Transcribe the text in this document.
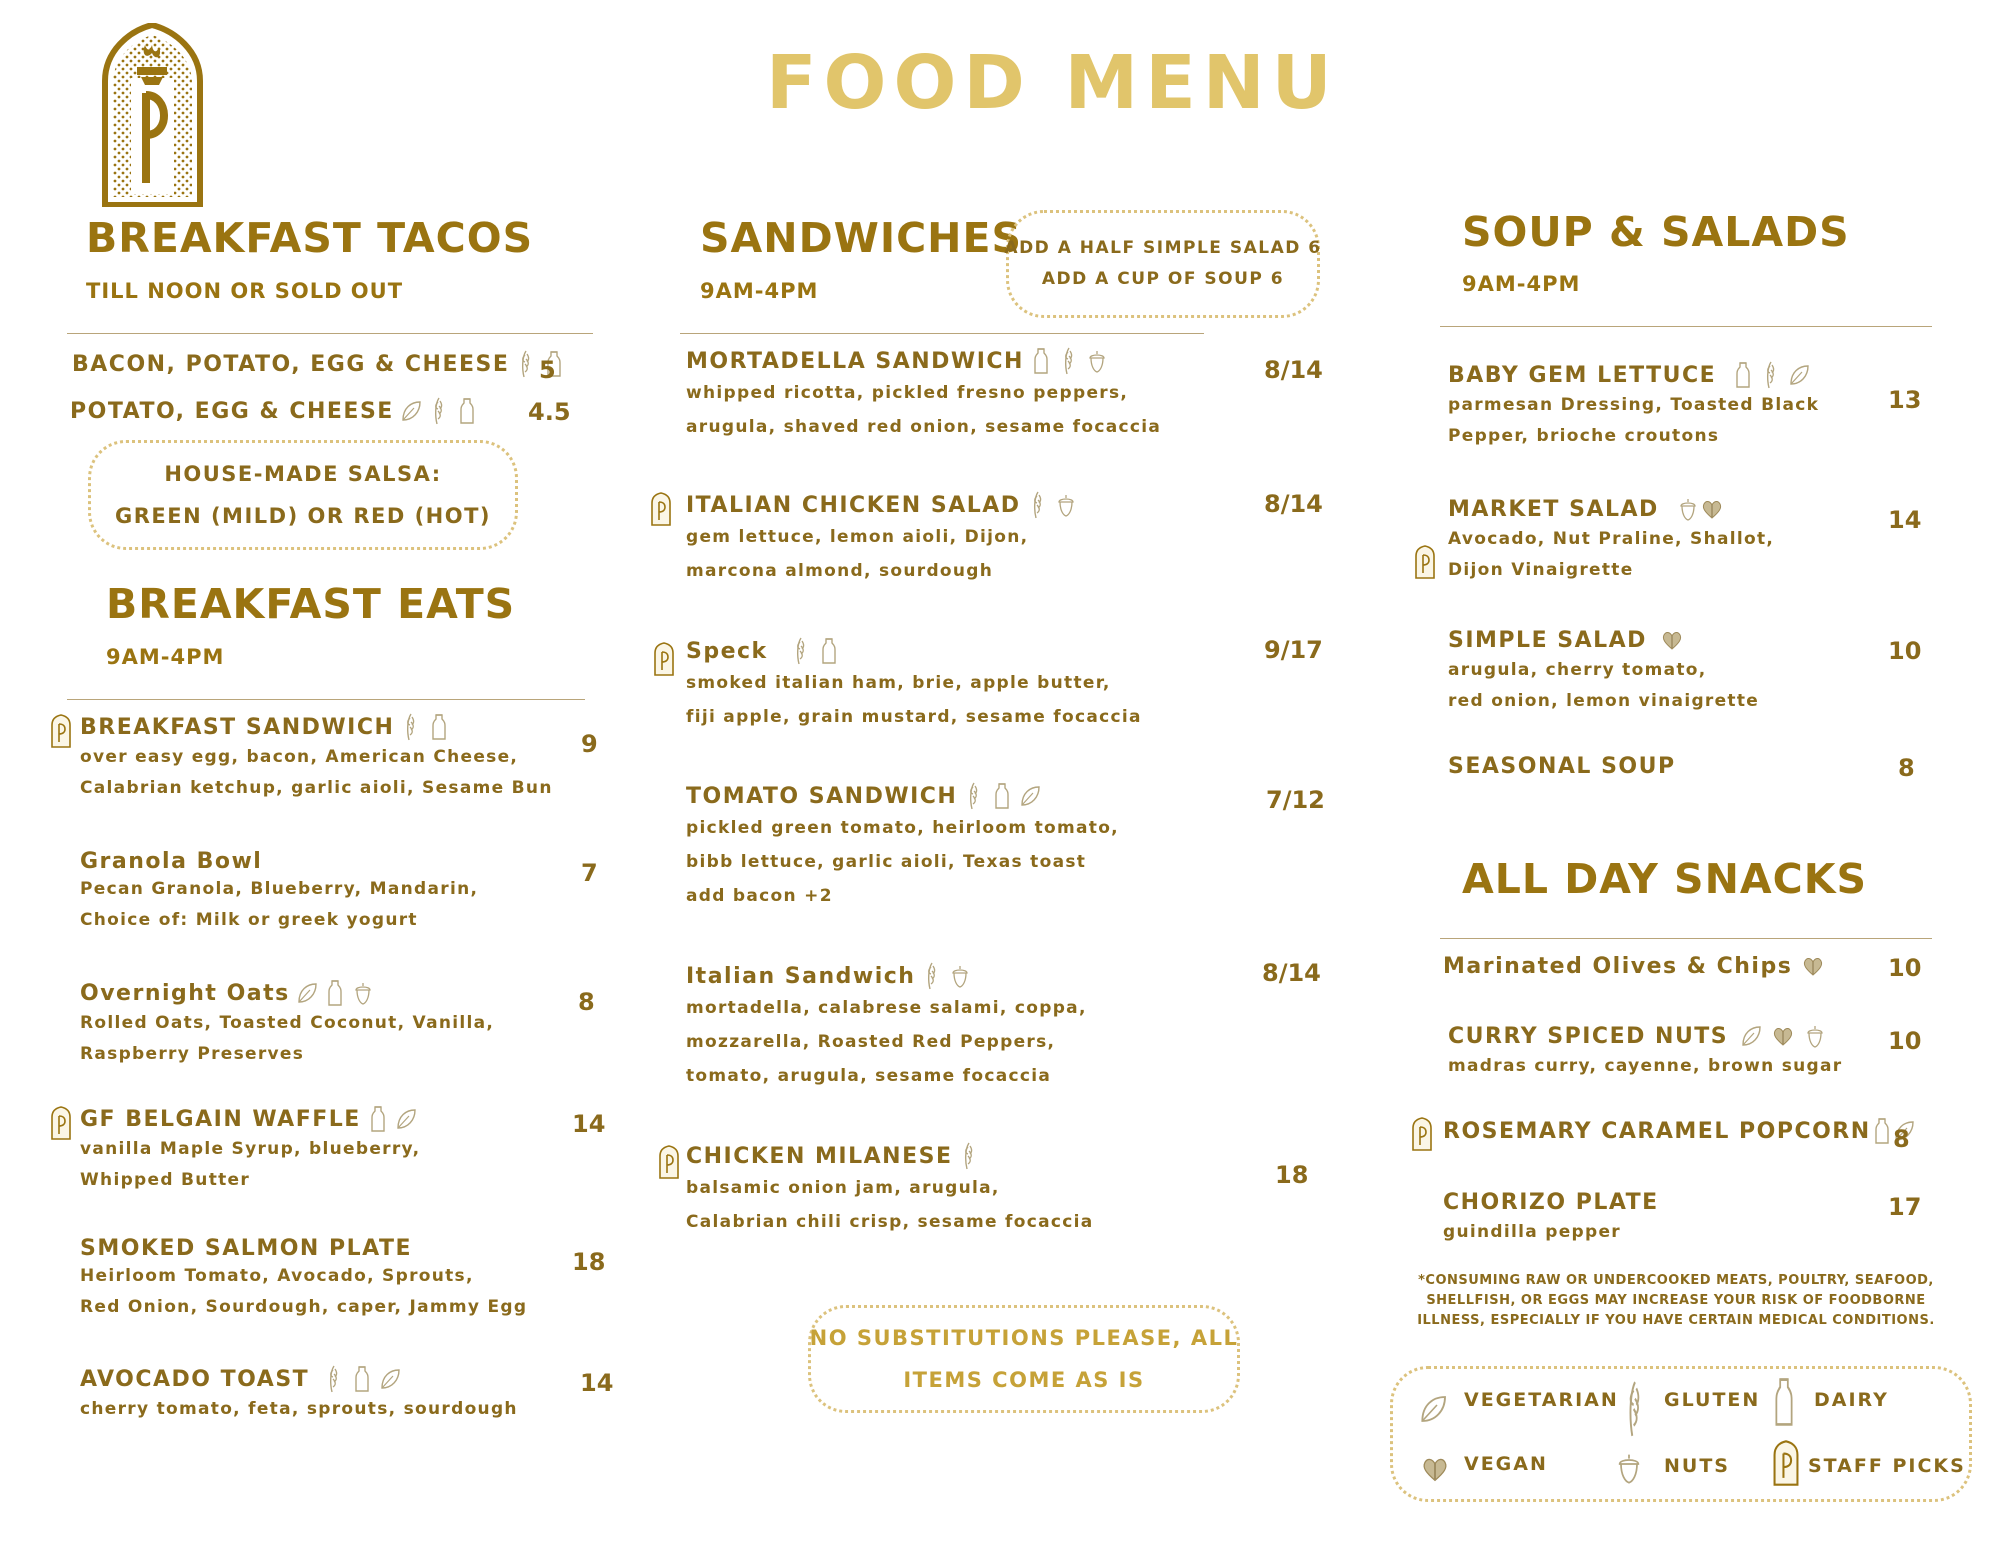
FOOD MENU
BREAKFAST TACOS
TILL NOON OR SOLD OUT
BACON, POTATO, EGG & CHEESE 5
POTATO, EGG & CHEESE	4.5
HOUSE-MADE SALSA:
GREEN (MILD) OR RED (HOT)
BREAKFAST EATS
9AM-4PM
BREAKFAST SANDWICH
over easy egg, bacon, American Cheese,
Calabrian ketchup, garlic aioli, Sesame Bun
9
Granola Bowl
Pecan Granola, Blueberry, Mandarin,
Choice of: Milk or greek yogurt
7
Overnight Oats
Rolled Oats, Toasted Coconut, Vanilla,
Raspberry Preserves
8
GF BELGAIN WAFFLE
vanilla Maple Syrup, blueberry,
Whipped Butter
14
SMOKED SALMON PLATE
Heirloom Tomato, Avocado, Sprouts,
Red Onion, Sourdough, caper, Jammy Egg
18
AVOCADO TOAST
cherry tomato, feta, sprouts, sourdough
14
SANDWICHES
9AM-4PM
ADD A HALF SIMPLE SALAD 6
ADD A CUP OF SOUP 6
MORTADELLA SANDWICH
whipped ricotta, pickled fresno peppers,
arugula, shaved red onion, sesame focaccia
8/14
ITALIAN CHICKEN SALAD
gem lettuce, lemon aioli, Dijon,
marcona almond, sourdough
8/14
Speck
smoked italian ham, brie, apple butter,
fiji apple, grain mustard, sesame focaccia
9/17
TOMATO SANDWICH
pickled green tomato, heirloom tomato,
bibb lettuce, garlic aioli, Texas toast
add bacon +2
7/12
Italian Sandwich
mortadella, calabrese salami, coppa,
mozzarella, Roasted Red Peppers,
tomato, arugula, sesame focaccia
8/14
CHICKEN MILANESE
balsamic onion jam, arugula,
Calabrian chili crisp, sesame focaccia
18
NO SUBSTITUTIONS PLEASE, ALL
ITEMS COME AS IS
SOUP & SALADS
9AM-4PM
BABY GEM LETTUCE
parmesan Dressing, Toasted Black
Pepper, brioche croutons
13
MARKET SALAD
Avocado, Nut Praline, Shallot,
Dijon Vinaigrette
14
SIMPLE SALAD
arugula, cherry tomato,
red onion, lemon vinaigrette
10
SEASONAL SOUP	8
ALL DAY SNACKS
Marinated Olives & Chips	10
CURRY SPICED NUTS
madras curry, cayenne, brown sugar
10
ROSEMARY CARAMEL POPCORN 8
CHORIZO PLATE
guindilla pepper
17
*CONSUMING RAW OR UNDERCOOKED MEATS, POULTRY, SEAFOOD, SHELLFISH, OR EGGS MAY INCREASE YOUR RISK OF FOODBORNE ILLNESS, ESPECIALLY IF YOU HAVE CERTAIN MEDICAL CONDITIONS.
VEGETARIAN GLUTEN	DAIRY
VEGAN	NUTS	STAFF PICKS
